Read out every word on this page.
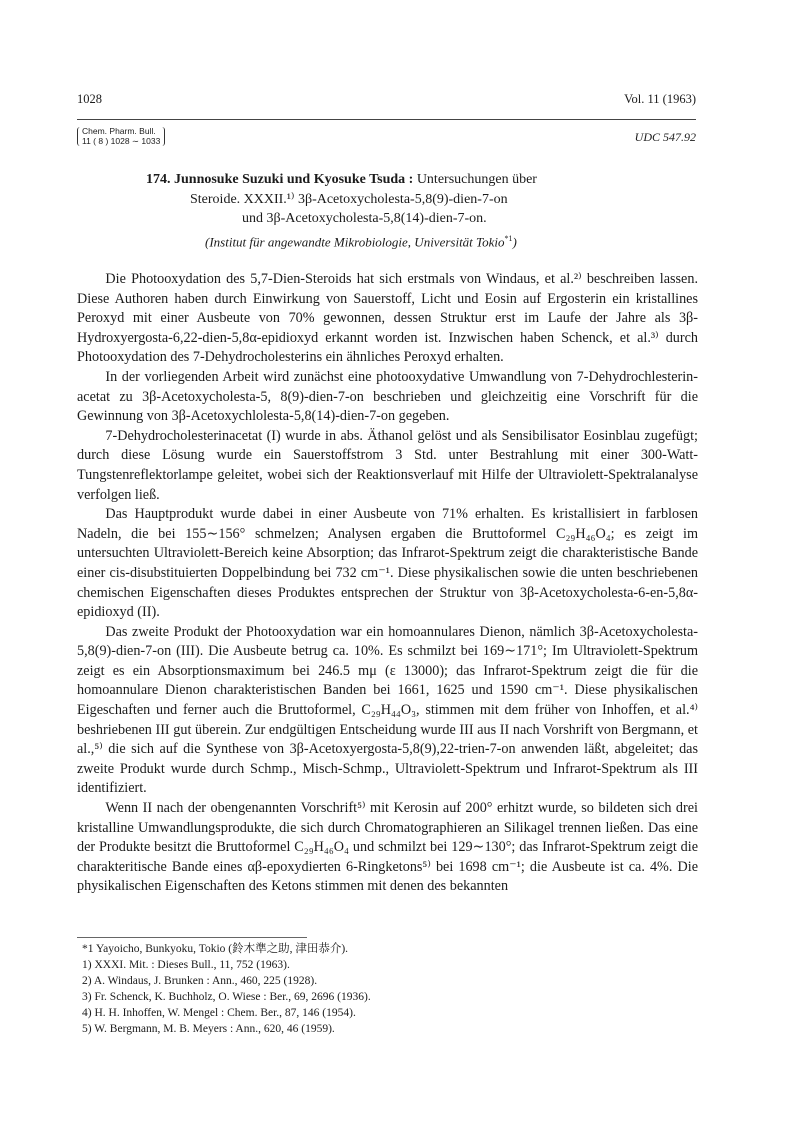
1028	Vol. 11 (1963)
Chem. Pharm. Bull.
11 ( 8 ) 1028 ∼ 1033	UDC 547.92
174. Junnosuke Suzuki und Kyosuke Tsuda : Untersuchungen über
Steroide. XXXII.¹⁾ 3β-Acetoxycholesta-5,8(9)-dien-7-on
und 3β-Acetoxycholesta-5,8(14)-dien-7-on.
(Institut für angewandte Mikrobiologie, Universität Tokio$^{*1}$)

Die Photooxydation des 5,7-Dien-Steroids hat sich erstmals von Windaus, et al.²⁾ beschreiben lassen. Diese Authoren haben durch Einwirkung von Sauerstoff, Licht und Eosin auf Ergosterin ein kristallines Peroxyd mit einer Ausbeute von 70% gewonnen, dessen Struktur erst im Laufe der Jahre als 3β-Hydroxyergosta-6,22-dien-5,8α-epidioxyd erkannt worden ist. Inzwischen haben Schenck, et al.³⁾ durch Photooxydation des 7-Dehydrocholesterins ein ähnliches Peroxyd erhalten.

In der vorliegenden Arbeit wird zunächst eine photooxydative Umwandlung von 7-Dehydrochlesterin-acetat zu 3β-Acetoxycholesta-5, 8(9)-dien-7-on beschrieben und gleichzeitig eine Vorschrift für die Gewinnung von 3β-Acetoxychlolesta-5,8(14)-dien-7-on gegeben.

7-Dehydrocholesterinacetat (I) wurde in abs. Äthanol gelöst und als Sensibilisator Eosinblau zugefügt; durch diese Lösung wurde ein Sauerstoffstrom 3 Std. unter Bestrahlung mit einer 300-Watt-Tungstenreflektorlampe geleitet, wobei sich der Reaktionsverlauf mit Hilfe der Ultraviolett-Spektralanalyse verfolgen ließ.

Das Hauptprodukt wurde dabei in einer Ausbeute von 71% erhalten. Es kristallisiert in farblosen Nadeln, die bei 155∼156° schmelzen; Analysen ergaben die Bruttoformel C₂₉H₄₆O₄; es zeigt im untersuchten Ultraviolett-Bereich keine Absorption; das Infrarot-Spektrum zeigt die charakteristische Bande einer cis-disubstituierten Doppelbindung bei 732 cm⁻¹. Diese physikalischen sowie die unten beschriebenen chemischen Eigenschaften dieses Produktes entsprechen der Struktur von 3β-Acetoxycholesta-6-en-5,8α-epidioxyd (II).

Das zweite Produkt der Photooxydation war ein homoannulares Dienon, nämlich 3β-Acetoxycholesta-5,8(9)-dien-7-on (III). Die Ausbeute betrug ca. 10%. Es schmilzt bei 169∼171°; Im Ultraviolett-Spektrum zeigt es ein Absorptionsmaximum bei 246.5 mμ (ε 13000); das Infrarot-Spektrum zeigt die für die homoannulare Dienon charakteristischen Banden bei 1661, 1625 und 1590 cm⁻¹. Diese physikalischen Eigeschaften und ferner auch die Bruttoformel, C₂₉H₄₄O₃, stimmen mit dem früher von Inhoffen, et al.⁴⁾ beshriebenen III gut überein. Zur endgültigen Entscheidung wurde III aus II nach Vorshrift von Bergmann, et al.,⁵⁾ die sich auf die Synthese von 3β-Acetoxyergosta-5,8(9),22-trien-7-on anwenden läßt, abgeleitet; das zweite Produkt wurde durch Schmp., Misch-Schmp., Ultraviolett-Spektrum und Infrarot-Spektrum als III identifiziert.

Wenn II nach der obengenannten Vorschrift⁵⁾ mit Kerosin auf 200° erhitzt wurde, so bildeten sich drei kristalline Umwandlungsprodukte, die sich durch Chromatographieren an Silikagel trennen ließen. Das eine der Produkte besitzt die Bruttoformel C₂₉H₄₆O₄ und schmilzt bei 129∼130°; das Infrarot-Spektrum zeigt die charakteritische Bande eines αβ-epoxydierten 6-Ringketons⁵⁾ bei 1698 cm⁻¹; die Ausbeute ist ca. 4%. Die physikalischen Eigenschaften des Ketons stimmen mit denen des bekannten

*1 Yayoicho, Bunkyoku, Tokio (鈴木準之助, 津田恭介).
1) XXXI. Mit. : Dieses Bull., 11, 752 (1963).
2) A. Windaus, J. Brunken : Ann., 460, 225 (1928).
3) Fr. Schenck, K. Buchholz, O. Wiese : Ber., 69, 2696 (1936).
4) H. H. Inhoffen, W. Mengel : Chem. Ber., 87, 146 (1954).
5) W. Bergmann, M. B. Meyers : Ann., 620, 46 (1959).
